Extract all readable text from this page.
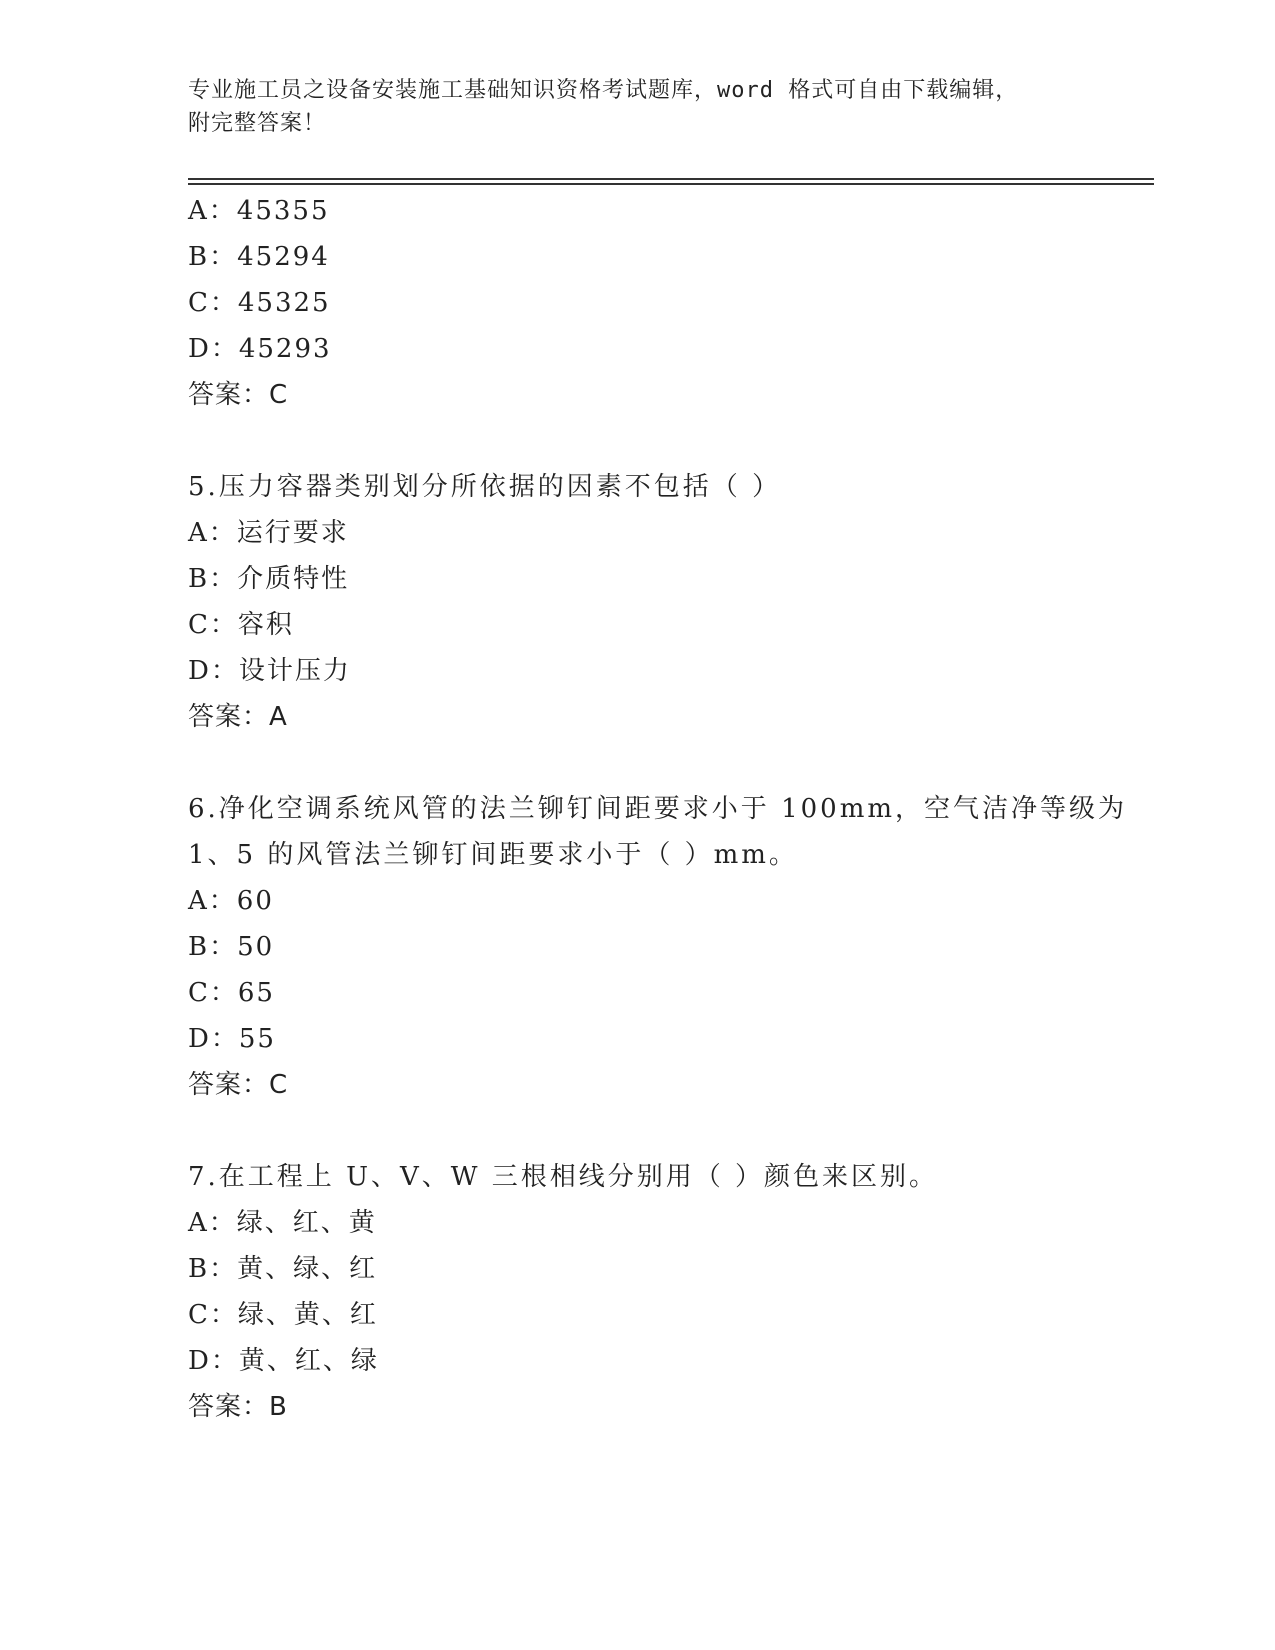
专业施工员之设备安装施工基础知识资格考试题库，word 格式可自由下载编辑，
附完整答案！
A：45355
B：45294
C：45325
D：45293
答案：C
5.压力容器类别划分所依据的因素不包括（ ）
A：运行要求
B：介质特性
C：容积
D：设计压力
答案：A
6.净化空调系统风管的法兰铆钉间距要求小于 100mm，空气洁净等级为
1、5 的风管法兰铆钉间距要求小于（ ）mm。
A：60
B：50
C：65
D：55
答案：C
7.在工程上 U、V、W 三根相线分别用（ ）颜色来区别。
A：绿、红、黄
B：黄、绿、红
C：绿、黄、红
D：黄、红、绿
答案：B
